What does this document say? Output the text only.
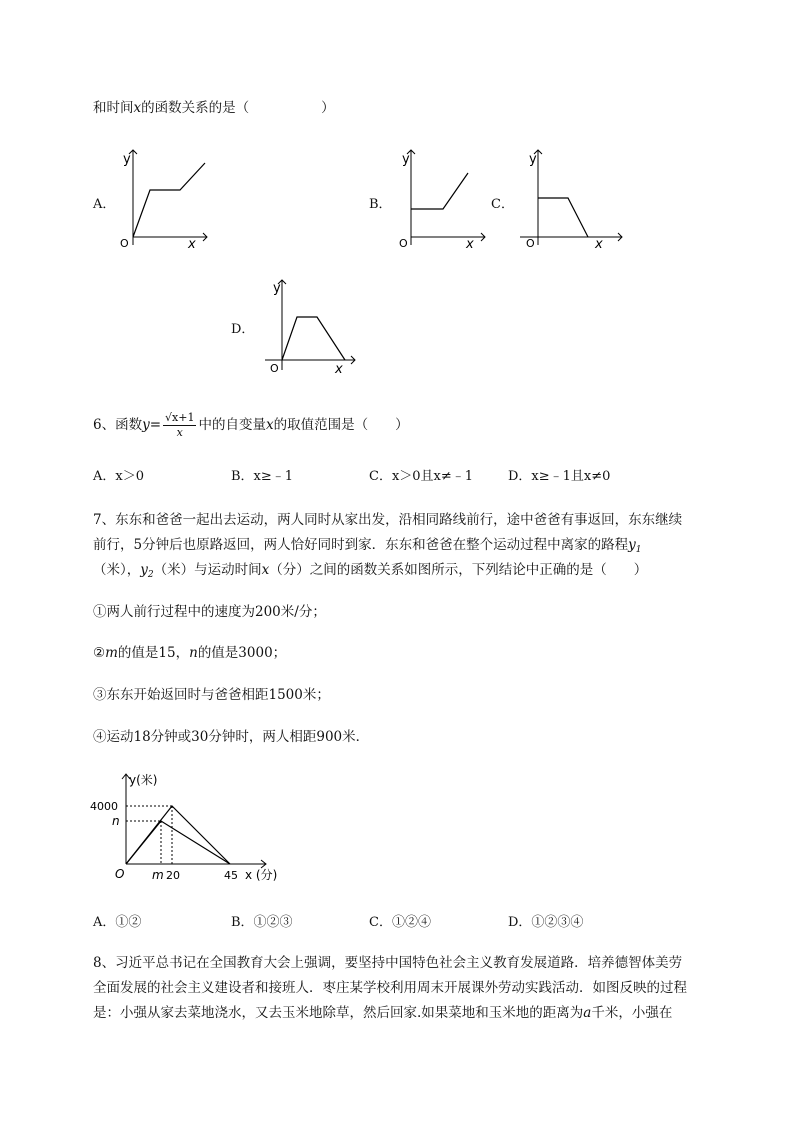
和时间x的函数关系的是（	）
A．
y
x
O
B．
y
x
O
C．
y
x
O
D．
y
x
O
6、函数$y= \frac{√x+1}{x}$ 中的自变量x的取值范围是（　　）
A．x＞0	B．x≥﹣1	C．x＞0且x≠﹣1	D．x≥﹣1且x≠0
7、东东和爸爸一起出去运动，两人同时从家出发，沿相同路线前行，途中爸爸有事返回，东东继续
前行，5分钟后也原路返回，两人恰好同时到家．东东和爸爸在整个运动过程中离家的路程$y_1$
（米），$y_2$（米）与运动时间x（分）之间的函数关系如图所示，下列结论中正确的是（　　）
①两人前行过程中的速度为200米/分；
②m的值是15，n的值是3000；
③东东开始返回时与爸爸相距1500米；
④运动18分钟或30分钟时，两人相距900米．
y(米)
4000
n
O m 20	45 x (分)
A．①②	B．①②③	C．①②④	D．①②③④
8、习近平总书记在全国教育大会上强调，要坚持中国特色社会主义教育发展道路．培养德智体美劳
全面发展的社会主义建设者和接班人．枣庄某学校利用周末开展课外劳动实践活动．如图反映的过程
是：小强从家去菜地浇水，又去玉米地除草，然后回家.如果菜地和玉米地的距离为a千米，小强在
